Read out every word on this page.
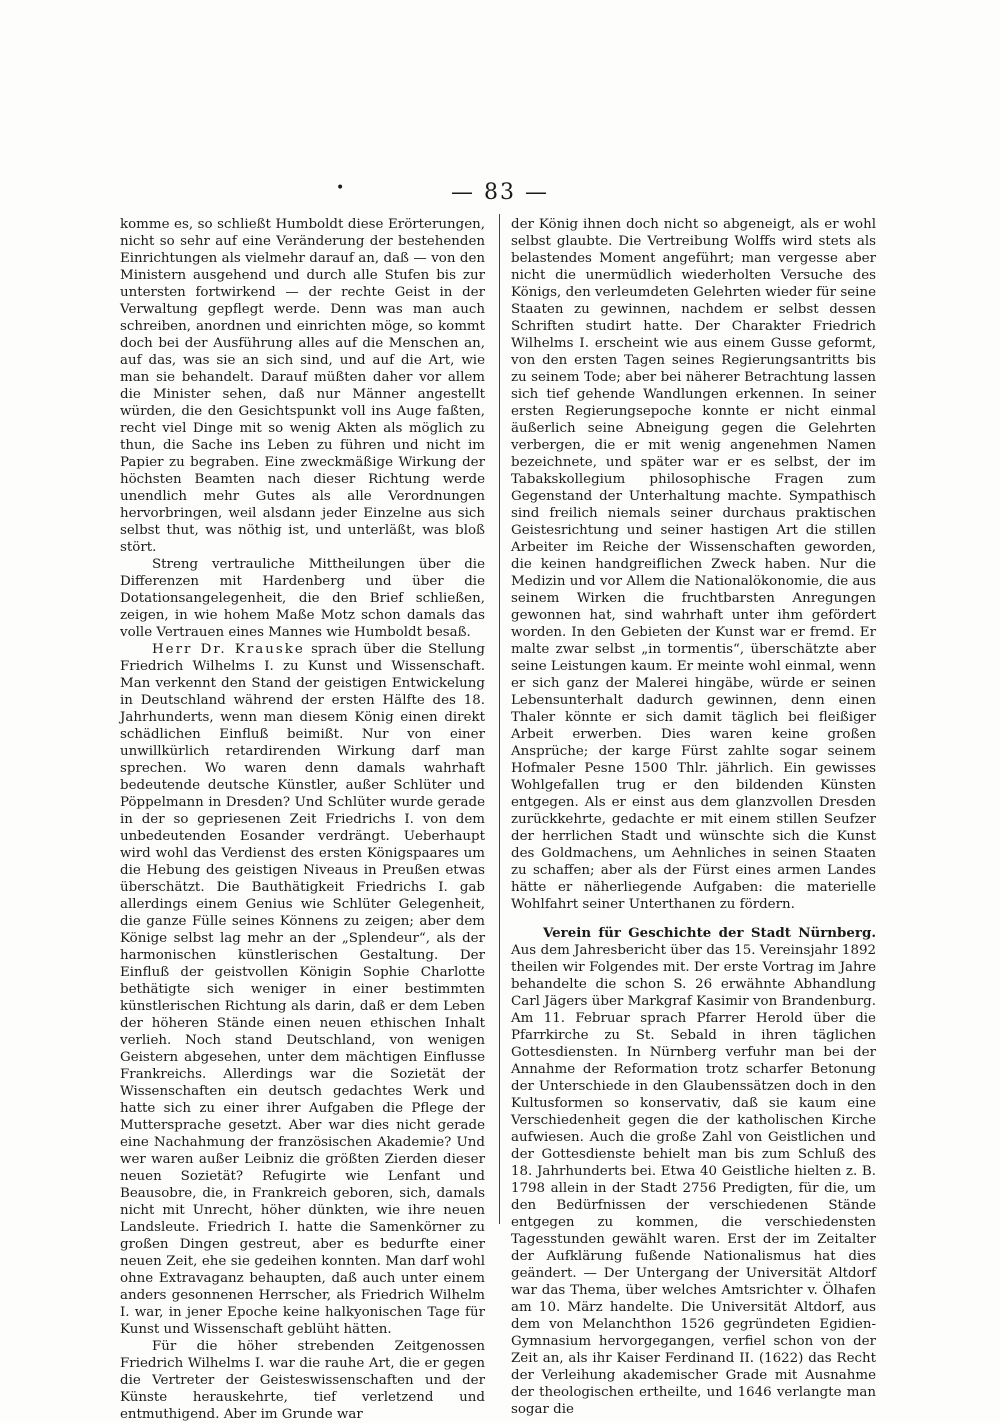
•	— 83 —

komme es, so schließt Humboldt diese Erörterungen, nicht so sehr auf eine Veränderung der bestehenden Einrichtungen als vielmehr darauf an, daß — von den Ministern ausgehend und durch alle Stufen bis zur untersten fortwirkend — der rechte Geist in der Verwaltung gepflegt werde. Denn was man auch schreiben, anordnen und einrichten möge, so kommt doch bei der Ausführung alles auf die Menschen an, auf das, was sie an sich sind, und auf die Art, wie man sie behandelt. Darauf müßten daher vor allem die Minister sehen, daß nur Männer angestellt würden, die den Gesichtspunkt voll ins Auge faßten, recht viel Dinge mit so wenig Akten als möglich zu thun, die Sache ins Leben zu führen und nicht im Papier zu begraben. Eine zweckmäßige Wirkung der höchsten Beamten nach dieser Richtung werde unendlich mehr Gutes als alle Verordnungen hervorbringen, weil alsdann jeder Einzelne aus sich selbst thut, was nöthig ist, und unterläßt, was bloß stört.

Streng vertrauliche Mittheilungen über die Differenzen mit Hardenberg und über die Dotationsangelegenheit, die den Brief schließen, zeigen, in wie hohem Maße Motz schon damals das volle Vertrauen eines Mannes wie Humboldt besaß.

Herr Dr. Krauske sprach über die Stellung Friedrich Wilhelms I. zu Kunst und Wissenschaft. Man verkennt den Stand der geistigen Entwickelung in Deutschland während der ersten Hälfte des 18. Jahrhunderts, wenn man diesem König einen direkt schädlichen Einfluß beimißt. Nur von einer unwillkürlich retardirenden Wirkung darf man sprechen. Wo waren denn damals wahrhaft bedeutende deutsche Künstler, außer Schlüter und Pöppelmann in Dresden? Und Schlüter wurde gerade in der so gepriesenen Zeit Friedrichs I. von dem unbedeutenden Eosander verdrängt. Ueberhaupt wird wohl das Verdienst des ersten Königspaares um die Hebung des geistigen Niveaus in Preußen etwas überschätzt. Die Bauthätigkeit Friedrichs I. gab allerdings einem Genius wie Schlüter Gelegenheit, die ganze Fülle seines Könnens zu zeigen; aber dem Könige selbst lag mehr an der „Splendeur“, als der harmonischen künstlerischen Gestaltung. Der Einfluß der geistvollen Königin Sophie Charlotte bethätigte sich weniger in einer bestimmten künstlerischen Richtung als darin, daß er dem Leben der höheren Stände einen neuen ethischen Inhalt verlieh. Noch stand Deutschland, von wenigen Geistern abgesehen, unter dem mächtigen Einflusse Frankreichs. Allerdings war die Sozietät der Wissenschaften ein deutsch gedachtes Werk und hatte sich zu einer ihrer Aufgaben die Pflege der Muttersprache gesetzt. Aber war dies nicht gerade eine Nachahmung der französischen Akademie? Und wer waren außer Leibniz die größten Zierden dieser neuen Sozietät? Refugirte wie Lenfant und Beausobre, die, in Frankreich geboren, sich, damals nicht mit Unrecht, höher dünkten, wie ihre neuen Landsleute. Friedrich I. hatte die Samenkörner zu großen Dingen gestreut, aber es bedurfte einer neuen Zeit, ehe sie gedeihen konnten. Man darf wohl ohne Extravaganz behaupten, daß auch unter einem anders gesonnenen Herrscher, als Friedrich Wilhelm I. war, in jener Epoche keine halkyonischen Tage für Kunst und Wissenschaft geblüht hätten.

Für die höher strebenden Zeitgenossen Friedrich Wilhelms I. war die rauhe Art, die er gegen die Vertreter der Geisteswissenschaften und der Künste herauskehrte, tief verletzend und entmuthigend. Aber im Grunde war

der König ihnen doch nicht so abgeneigt, als er wohl selbst glaubte. Die Vertreibung Wolffs wird stets als belastendes Moment angeführt; man vergesse aber nicht die unermüdlich wiederholten Versuche des Königs, den verleumdeten Gelehrten wieder für seine Staaten zu gewinnen, nachdem er selbst dessen Schriften studirt hatte. Der Charakter Friedrich Wilhelms I. erscheint wie aus einem Gusse geformt, von den ersten Tagen seines Regierungsantritts bis zu seinem Tode; aber bei näherer Betrachtung lassen sich tief gehende Wandlungen erkennen. In seiner ersten Regierungsepoche konnte er nicht einmal äußerlich seine Abneigung gegen die Gelehrten verbergen, die er mit wenig angenehmen Namen bezeichnete, und später war er es selbst, der im Tabakskollegium philosophische Fragen zum Gegenstand der Unterhaltung machte. Sympathisch sind freilich niemals seiner durchaus praktischen Geistesrichtung und seiner hastigen Art die stillen Arbeiter im Reiche der Wissenschaften geworden, die keinen handgreiflichen Zweck haben. Nur die Medizin und vor Allem die Nationalökonomie, die aus seinem Wirken die fruchtbarsten Anregungen gewonnen hat, sind wahrhaft unter ihm gefördert worden. In den Gebieten der Kunst war er fremd. Er malte zwar selbst „in tormentis“, überschätzte aber seine Leistungen kaum. Er meinte wohl einmal, wenn er sich ganz der Malerei hingäbe, würde er seinen Lebensunterhalt dadurch gewinnen, denn einen Thaler könnte er sich damit täglich bei fleißiger Arbeit erwerben. Dies waren keine großen Ansprüche; der karge Fürst zahlte sogar seinem Hofmaler Pesne 1500 Thlr. jährlich. Ein gewisses Wohlgefallen trug er den bildenden Künsten entgegen. Als er einst aus dem glanzvollen Dresden zurückkehrte, gedachte er mit einem stillen Seufzer der herrlichen Stadt und wünschte sich die Kunst des Goldmachens, um Aehnliches in seinen Staaten zu schaffen; aber als der Fürst eines armen Landes hätte er näherliegende Aufgaben: die materielle Wohlfahrt seiner Unterthanen zu fördern.

Verein für Geschichte der Stadt Nürnberg. Aus dem Jahresbericht über das 15. Vereinsjahr 1892 theilen wir Folgendes mit. Der erste Vortrag im Jahre behandelte die schon S. 26 erwähnte Abhandlung Carl Jägers über Markgraf Kasimir von Brandenburg. Am 11. Februar sprach Pfarrer Herold über die Pfarrkirche zu St. Sebald in ihren täglichen Gottesdiensten. In Nürnberg verfuhr man bei der Annahme der Reformation trotz scharfer Betonung der Unterschiede in den Glaubenssätzen doch in den Kultusformen so konservativ, daß sie kaum eine Verschiedenheit gegen die der katholischen Kirche aufwiesen. Auch die große Zahl von Geistlichen und der Gottesdienste behielt man bis zum Schluß des 18. Jahrhunderts bei. Etwa 40 Geistliche hielten z. B. 1798 allein in der Stadt 2756 Predigten, für die, um den Bedürfnissen der verschiedenen Stände entgegen zu kommen, die verschiedensten Tagesstunden gewählt waren. Erst der im Zeitalter der Aufklärung fußende Nationalismus hat dies geändert. — Der Untergang der Universität Altdorf war das Thema, über welches Amtsrichter v. Ölhafen am 10. März handelte. Die Universität Altdorf, aus dem von Melanchthon 1526 gegründeten Egidien-Gymnasium hervorgegangen, verfiel schon von der Zeit an, als ihr Kaiser Ferdinand II. (1622) das Recht der Verleihung akademischer Grade mit Ausnahme der theologischen ertheilte, und 1646 verlangte man sogar die
